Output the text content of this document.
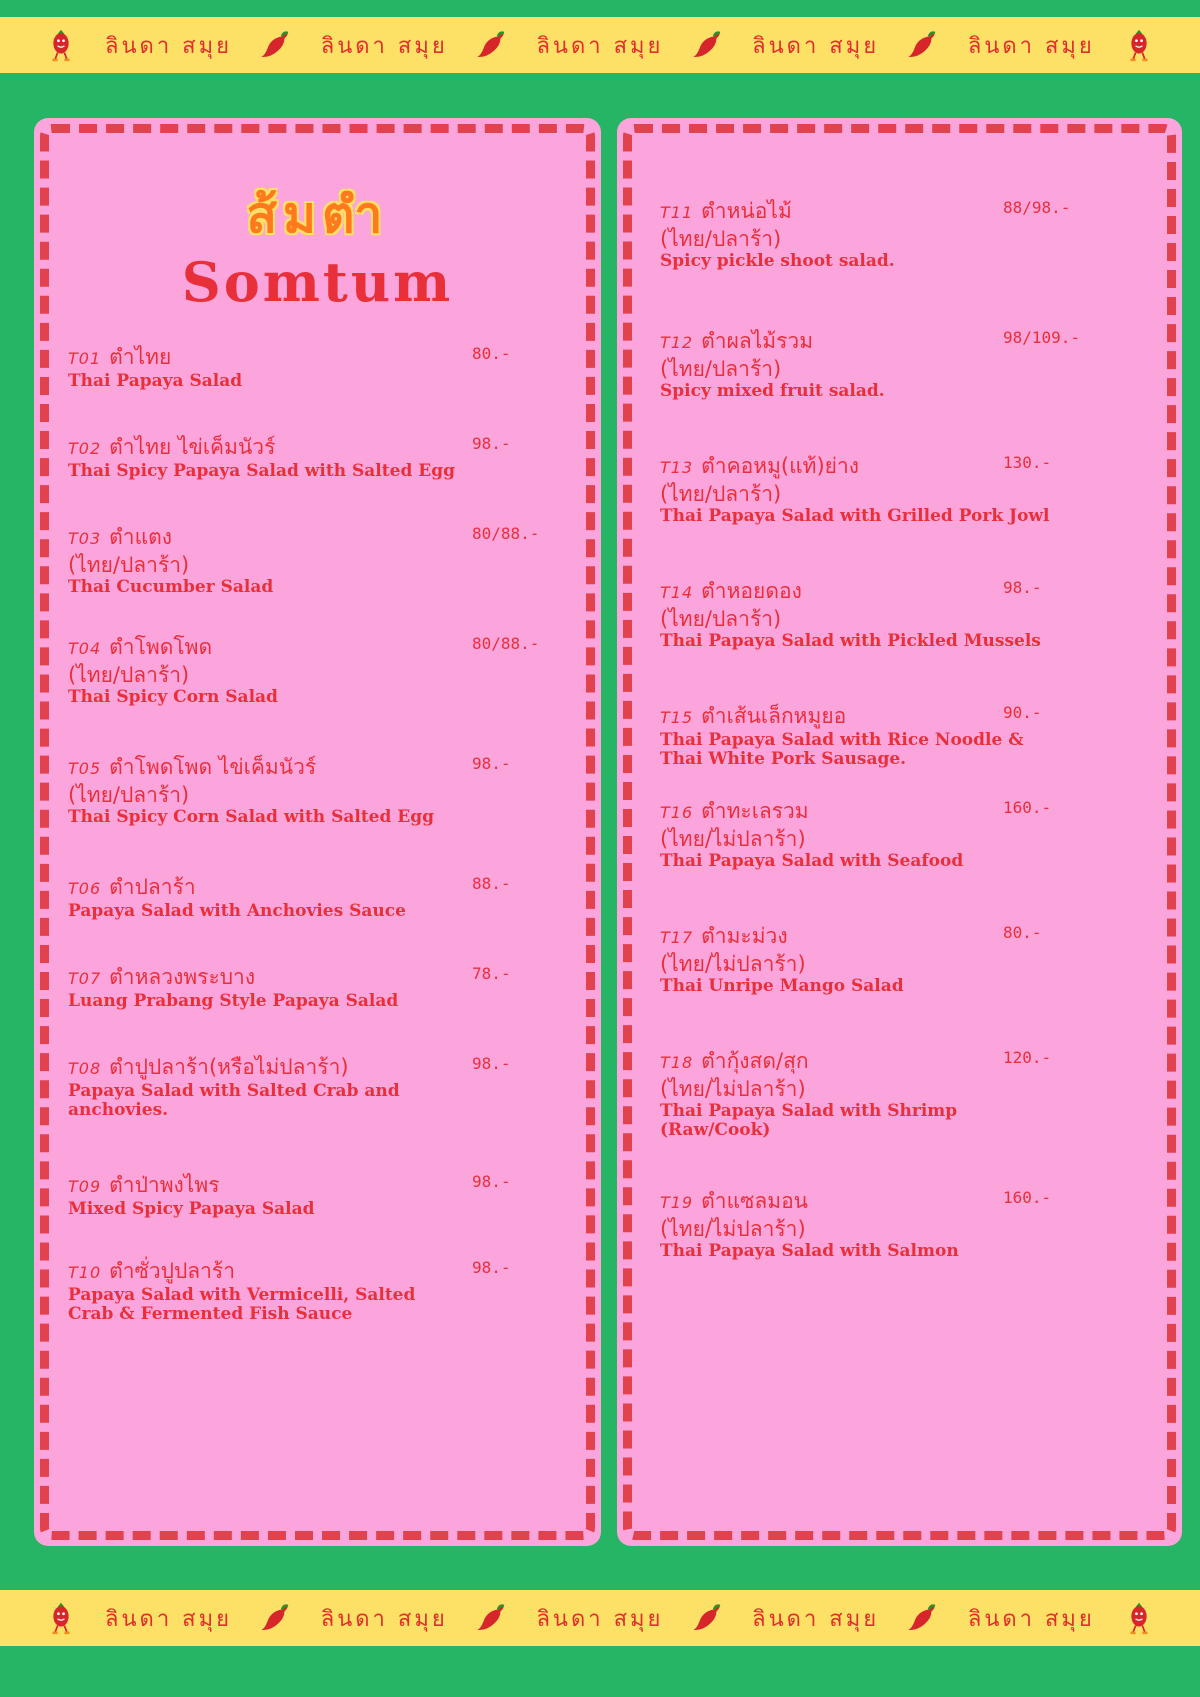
ลินดา สมุย	ลินดา สมุย	ลินดา สมุย	ลินดา สมุย	ลินดา สมุย
ส้มตำ
Somtum
T01 ตำไทย
Thai Papaya Salad
80.-
T02 ตำไทย ไข่เค็มนัวร์
Thai Spicy Papaya Salad with Salted Egg
98.-
T03 ตำแตง
(ไทย/ปลาร้า)
Thai Cucumber Salad
80/88.-
T04 ตำโพดโพด
(ไทย/ปลาร้า)
Thai Spicy Corn Salad
80/88.-
T05 ตำโพดโพด ไข่เค็มนัวร์
(ไทย/ปลาร้า)
Thai Spicy Corn Salad with Salted Egg
98.-
T06 ตำปลาร้า
Papaya Salad with Anchovies Sauce
88.-
T07 ตำหลวงพระบาง
Luang Prabang Style Papaya Salad
78.-
T08 ตำปูปลาร้า(หรือไม่ปลาร้า)
Papaya Salad with Salted Crab and
anchovies.
98.-
T09 ตำป่าพงไพร
Mixed Spicy Papaya Salad
98.-
T10 ตำซั่วปูปลาร้า
Papaya Salad with Vermicelli, Salted
Crab & Fermented Fish Sauce
98.-
T11 ตำหน่อไม้
(ไทย/ปลาร้า)
Spicy pickle shoot salad.
88/98.-
T12 ตำผลไม้รวม
(ไทย/ปลาร้า)
Spicy mixed fruit salad.
98/109.-
T13 ตำคอหมู(แท้)ย่าง
(ไทย/ปลาร้า)
Thai Papaya Salad with Grilled Pork Jowl
130.-
T14 ตำหอยดอง
(ไทย/ปลาร้า)
Thai Papaya Salad with Pickled Mussels
98.-
T15 ตำเส้นเล็กหมูยอ
Thai Papaya Salad with Rice Noodle &
Thai White Pork Sausage.
90.-
T16 ตำทะเลรวม
(ไทย/ไม่ปลาร้า)
Thai Papaya Salad with Seafood
160.-
T17 ตำมะม่วง
(ไทย/ไม่ปลาร้า)
Thai Unripe Mango Salad
80.-
T18 ตำกุ้งสด/สุก
(ไทย/ไม่ปลาร้า)
Thai Papaya Salad with Shrimp
(Raw/Cook)
120.-
T19 ตำแซลมอน
(ไทย/ไม่ปลาร้า)
Thai Papaya Salad with Salmon
160.-
ลินดา สมุย	ลินดา สมุย	ลินดา สมุย	ลินดา สมุย	ลินดา สมุย
